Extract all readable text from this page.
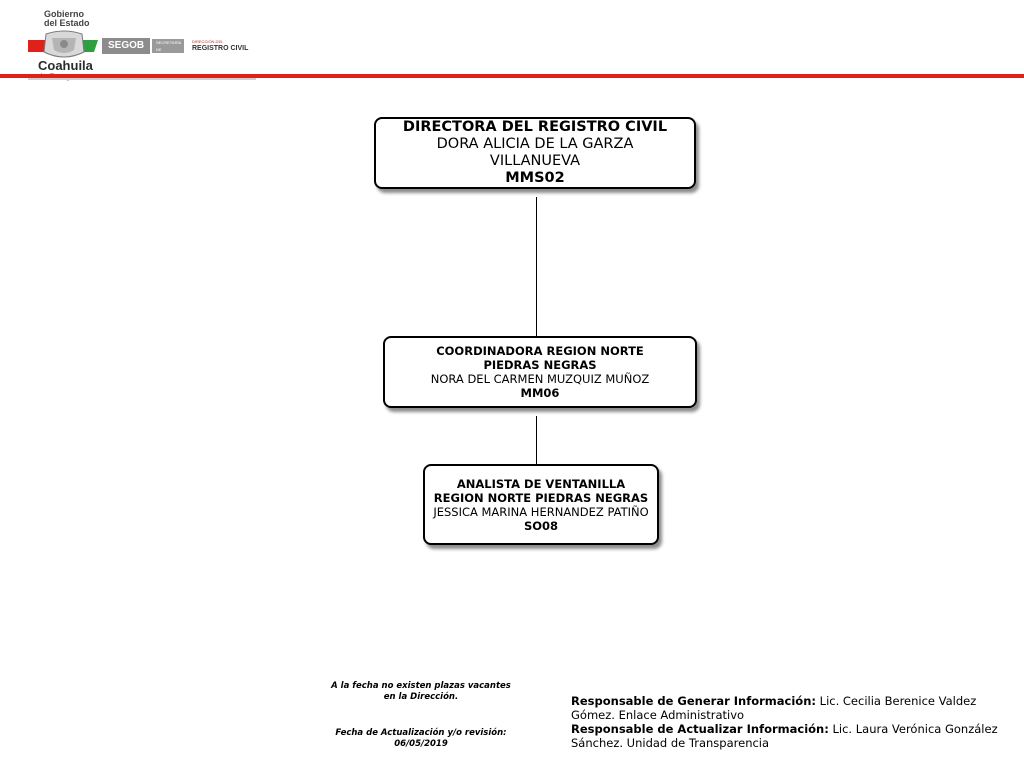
Gobierno
del Estado
SEGOB	SECRETARÍA DE GOBIERNO
DIRECCIÓN DEL
REGISTRO CIVIL
Coahuila
DIRECTORA DEL REGISTRO CIVIL
DORA ALICIA DE LA GARZA
VILLANUEVA
MMS02
COORDINADORA REGION NORTE
PIEDRAS NEGRAS
NORA DEL CARMEN MUZQUIZ MUÑOZ
MM06
ANALISTA DE VENTANILLA
REGION NORTE PIEDRAS NEGRAS
JESSICA MARINA HERNANDEZ PATIÑO
SO08
A la fecha no existen plazas vacantes
en la Dirección.
Fecha de Actualización y/o revisión:
06/05/2019
Responsable de Generar Información: Lic. Cecilia Berenice Valdez
Gómez. Enlace Administrativo
Responsable de Actualizar Información: Lic. Laura Verónica González
Sánchez. Unidad de Transparencia
